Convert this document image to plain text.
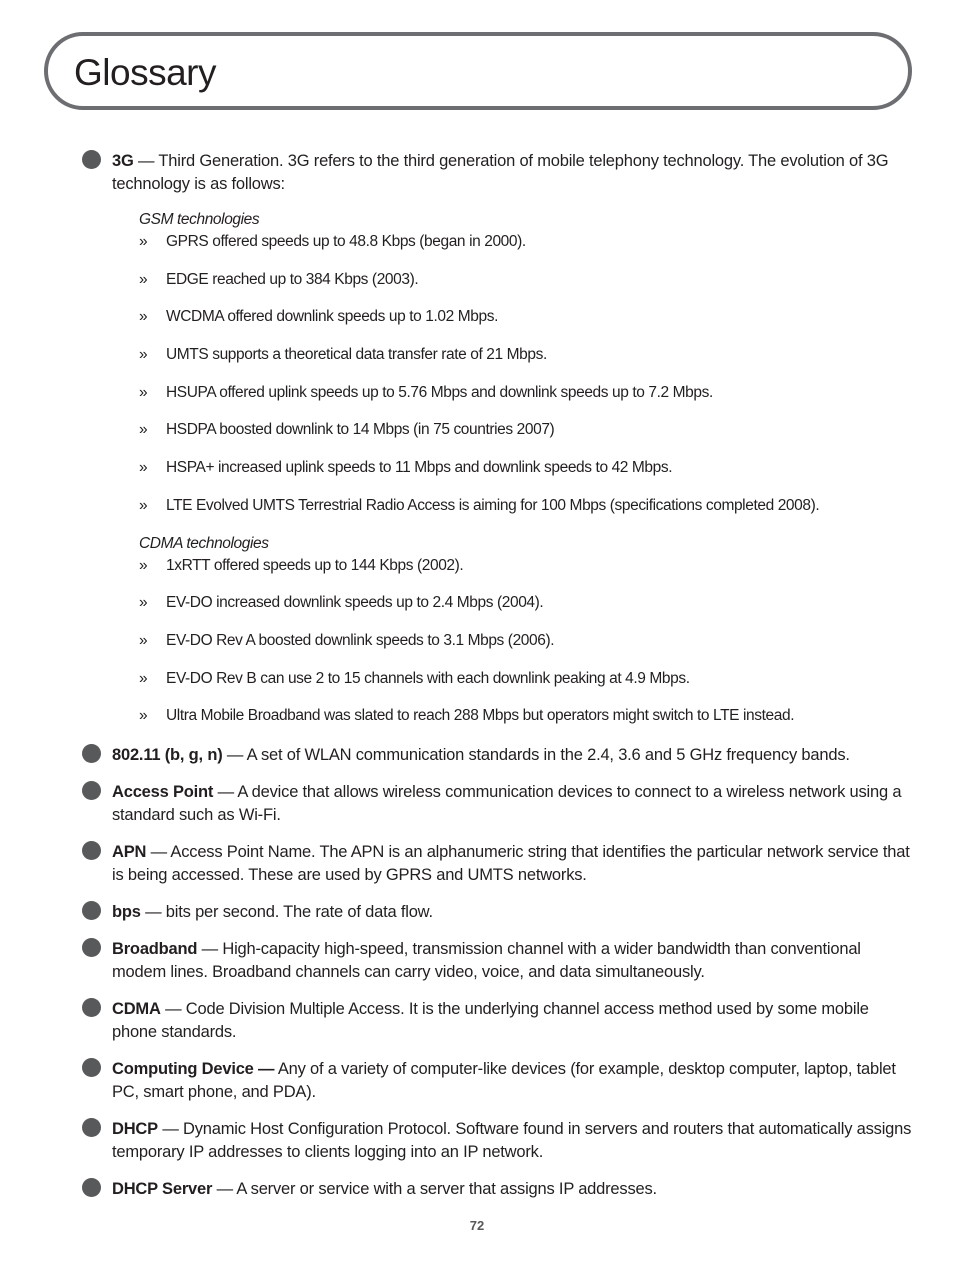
Glossary
3G — Third Generation. 3G refers to the third generation of mobile telephony technology. The evolution of 3G technology is as follows:
GSM technologies
» GPRS offered speeds up to 48.8 Kbps (began in 2000).
» EDGE reached up to 384 Kbps (2003).
» WCDMA offered downlink speeds up to 1.02 Mbps.
» UMTS supports a theoretical data transfer rate of 21 Mbps.
» HSUPA offered uplink speeds up to 5.76 Mbps and downlink speeds up to 7.2 Mbps.
» HSDPA boosted downlink to 14 Mbps (in 75 countries 2007)
» HSPA+ increased uplink speeds to 11 Mbps and downlink speeds to 42 Mbps.
» LTE Evolved UMTS Terrestrial Radio Access is aiming for 100 Mbps (specifications completed 2008).
CDMA technologies
» 1xRTT offered speeds up to 144 Kbps (2002).
» EV-DO increased downlink speeds up to 2.4 Mbps (2004).
» EV-DO Rev A boosted downlink speeds to 3.1 Mbps (2006).
» EV-DO Rev B can use 2 to 15 channels with each downlink peaking at 4.9 Mbps.
» Ultra Mobile Broadband was slated to reach 288 Mbps but operators might switch to LTE instead.
802.11 (b, g, n) — A set of WLAN communication standards in the 2.4, 3.6 and 5 GHz frequency bands.
Access Point — A device that allows wireless communication devices to connect to a wireless network using a standard such as Wi-Fi.
APN — Access Point Name. The APN is an alphanumeric string that identifies the particular network service that is being accessed. These are used by GPRS and UMTS networks.
bps — bits per second. The rate of data flow.
Broadband — High-capacity high-speed, transmission channel with a wider bandwidth than conventional modem lines. Broadband channels can carry video, voice, and data simultaneously.
CDMA — Code Division Multiple Access. It is the underlying channel access method used by some mobile phone standards.
Computing Device — Any of a variety of computer-like devices (for example, desktop computer, laptop, tablet PC, smart phone, and PDA).
DHCP — Dynamic Host Configuration Protocol. Software found in servers and routers that automatically assigns temporary IP addresses to clients logging into an IP network.
DHCP Server — A server or service with a server that assigns IP addresses.
72
